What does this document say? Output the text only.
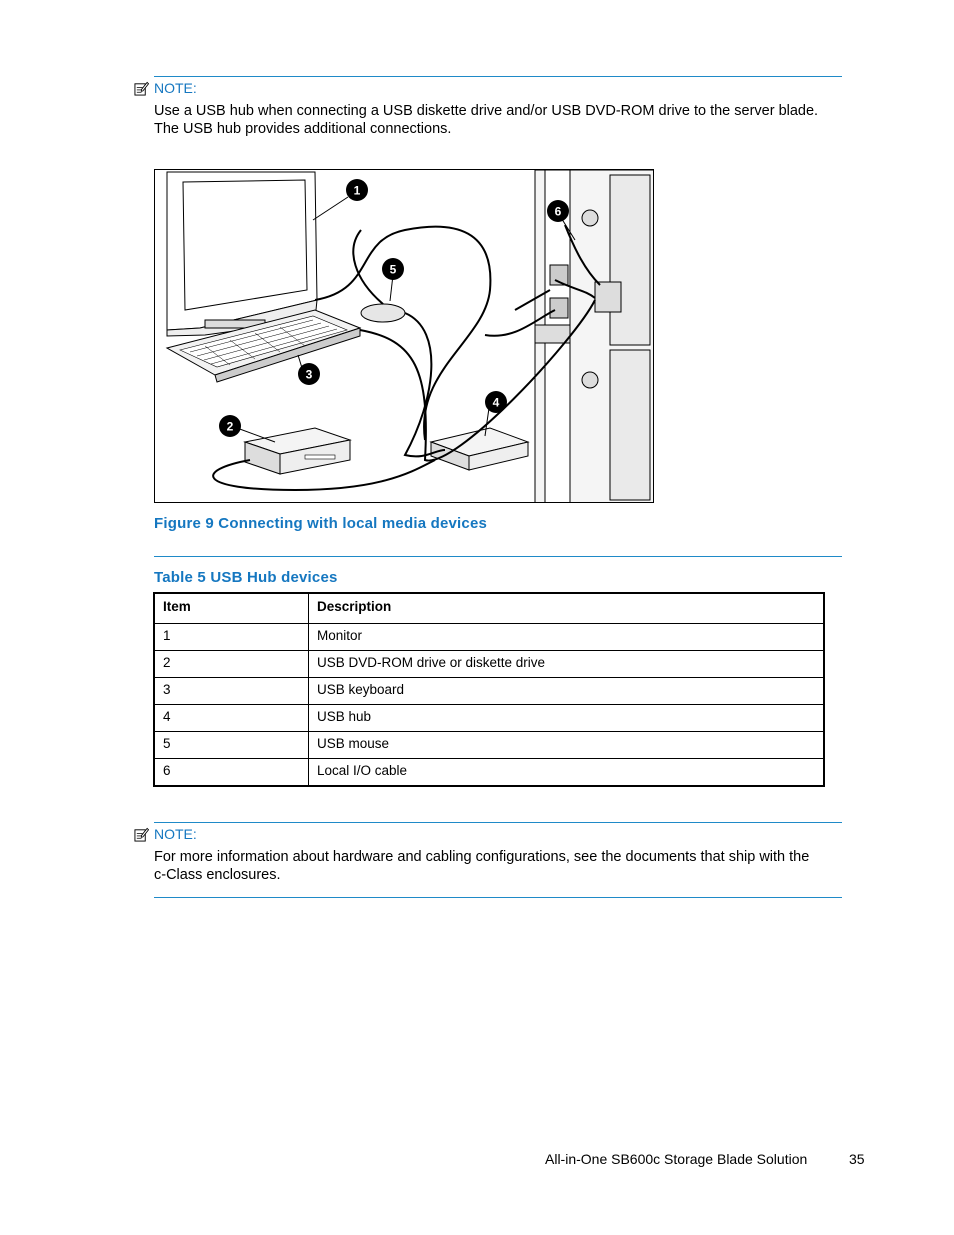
NOTE:
Use a USB hub when connecting a USB diskette drive and/or USB DVD-ROM drive to the server blade. The USB hub provides additional connections.
1
2
3
4
5
6
Figure 9 Connecting with local media devices
Table 5 USB Hub devices
Item	Description
1	Monitor
2	USB DVD-ROM drive or diskette drive
3	USB keyboard
4	USB hub
5	USB mouse
6	Local I/O cable
NOTE:
For more information about hardware and cabling configurations, see the documents that ship with the c-Class enclosures.
All-in-One SB600c Storage Blade Solution	35
